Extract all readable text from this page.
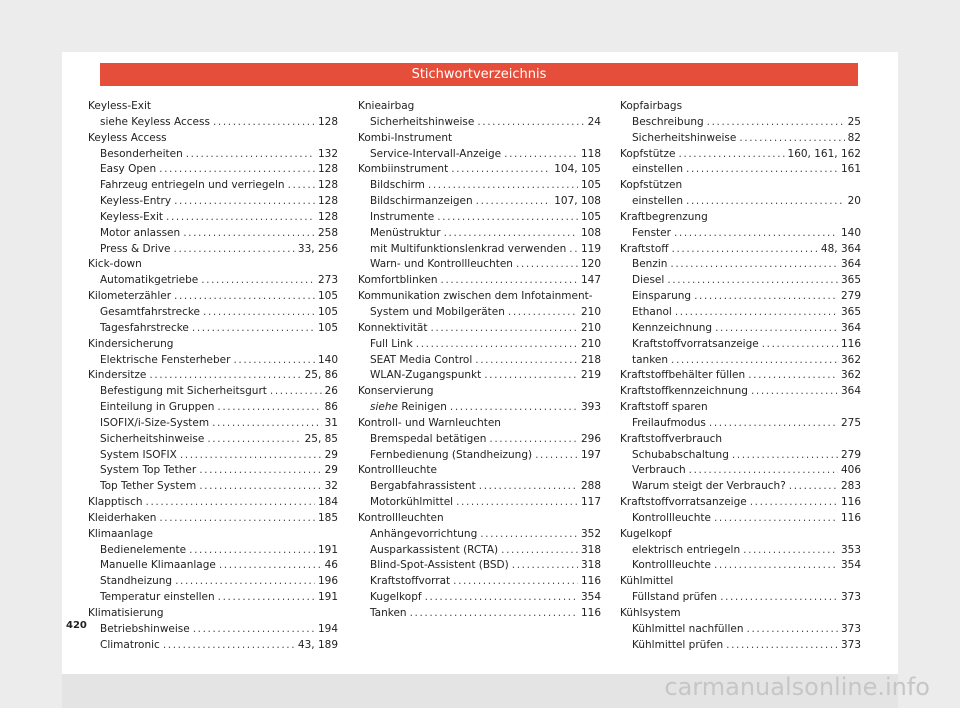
Stichwortverzeichnis
Keyless-Exit
siehe Keyless Access .....	128
Keyless Access
Besonderheiten .....	132
Easy Open .....	128
Fahrzeug entriegeln und verriegeln .....	128
Keyless-Entry .....	128
Keyless-Exit .....	128
Motor anlassen .....	258
Press & Drive .....	33, 256
Kick-down
Automatikgetriebe .....	273
Kilometerzähler .....	105
Gesamtfahrstrecke .....	105
Tagesfahrstrecke .....	105
Kindersicherung
Elektrische Fensterheber .....	140
Kindersitze .....	25, 86
Befestigung mit Sicherheitsgurt .....	26
Einteilung in Gruppen .....	86
ISOFIX/i-Size-System .....	31
Sicherheitshinweise .....	25, 85
System ISOFIX .....	29
System Top Tether .....	29
Top Tether System .....	32
Klapptisch .....	184
Kleiderhaken .....	185
Klimaanlage
Bedienelemente .....	191
Manuelle Klimaanlage .....	46
Standheizung .....	196
Temperatur einstellen .....	191
Klimatisierung
Betriebshinweise .....	194
Climatronic .....	43, 189
Kniеairbag
Sicherheitshinweise .....	24
Kombi-Instrument
Service-Intervall-Anzeige .....	118
Kombiinstrument .....	104, 105
Bildschirm .....	105
Bildschirmanzeigen .....	107, 108
Instrumente .....	105
Menüstruktur .....	108
mit Multifunktionslenkrad verwenden ..... 119
Warn- und Kontrollleuchten .....	120
Komfortblinken .....	147
Kommunikation zwischen dem Infotainment-
System und Mobilgeräten .....	210
Konnektivität .....	210
Full Link .....	210
SEAT Media Control .....	218
WLAN-Zugangspunkt .....	219
Konservierung
siehe Reinigen .....	393
Kontroll- und Warnleuchten
Bremspedal betätigen .....	296
Fernbedienung (Standheizung) .....	197
Kontrollleuchte
Bergabfahrassistent .....	288
Motorkühlmittel .....	117
Kontrollleuchten
Anhängevorrichtung .....	352
Ausparkassistent (RCTA) .....	318
Blind-Spot-Assistent (BSD) .....	318
Kraftstoffvorrat .....	116
Kugelkopf .....	354
Tanken .....	116
Kopfairbags
Beschreibung .....	25
Sicherheitshinweise .....	82
Kopfstütze .....	160, 161, 162
einstellen .....	161
Kopfstützen
einstellen .....	20
Kraftbegrenzung
Fenster .....	140
Kraftstoff .....	48, 364
Benzin .....	364
Diesel .....	365
Einsparung .....	279
Ethanol .....	365
Kennzeichnung .....	364
Kraftstoffvorratsanzeige .....	116
tanken .....	362
Kraftstoffbehälter füllen .....	362
Kraftstoffkennzeichnung .....	364
Kraftstoff sparen
Freilaufmodus .....	275
Kraftstoffverbrauch
Schubabschaltung .....	279
Verbrauch .....	406
Warum steigt der Verbrauch? .....	283
Kraftstoffvorratsanzeige .....	116
Kontrollleuchte .....	116
Kugelkopf
elektrisch entriegeln .....	353
Kontrollleuchte .....	354
Kühlmittel
Füllstand prüfen .....	373
Kühlsystem
Kühlmittel nachfüllen .....	373
Kühlmittel prüfen .....	373
420
carmanualsonline.info
